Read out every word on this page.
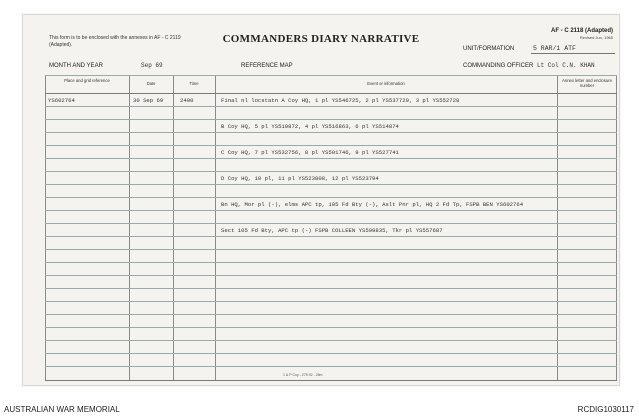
This form is to be enclosed with the annexes in AF - C 2119 (Adapted).	COMMANDERS DIARY NARRATIVE
AF - C 2118 (Adapted)
Revised Jun, 1965
UNIT/FORMATION	5 RAR/1 ATF
MONTH AND YEAR	Sep 69	REFERENCE MAP	COMMANDING OFFICER Lt Col C.N. KHAN
Place and grid reference
Date	Time	Event or information
Annex letter and enclosure number
YS602764	30 Sep 69	2400	Final nl locstatn A Coy HQ, 1 pl YS546725, 2 pl YS537729, 3 pl YS552728
B Coy HQ, 5 pl YS510872, 4 pl YS516863, 6 pl YS514874
C Coy HQ, 7 pl YS532756, 8 pl YS501746, 9 pl YS527741
D Coy HQ, 10 pl, 11 pl YS523808, 12 pl YS523794
Bn HQ, Mor pl (-), elms APC tp, 105 Fd Bty (-), Aslt Pnr pl, HQ 2 Fd Tp, FSPB BEN YS602764
Sect 105 Fd Bty, APC tp (-) FSPB COLLEEN YS599835, Tkr pl YS557687
1 & P Coy - 275 92 - 25m
AUSTRALIAN WAR MEMORIAL	RCDIG1030117
